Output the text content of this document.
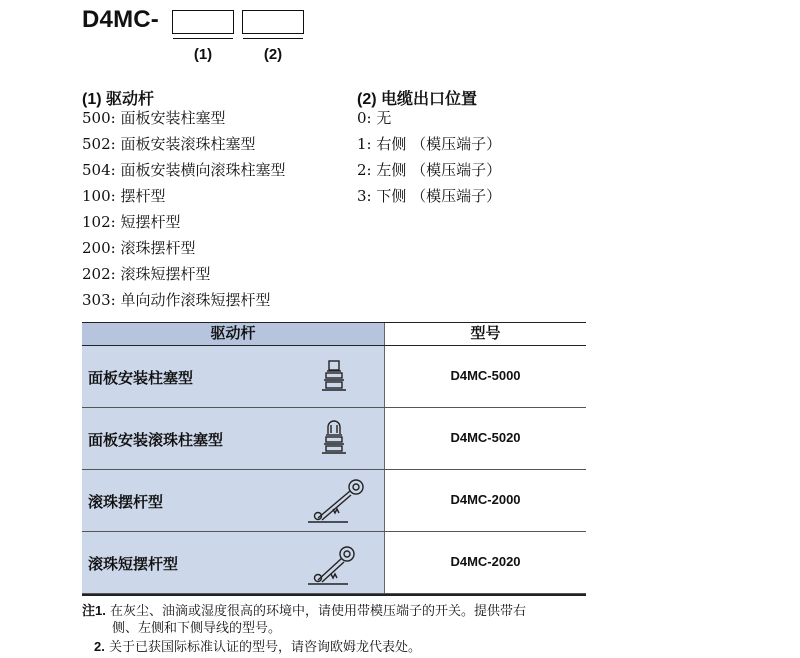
D4MC-
(1)	(2)
(1) 驱动杆	(2) 电缆出口位置
500: 面板安装柱塞型
502: 面板安装滚珠柱塞型
504: 面板安装横向滚珠柱塞型
100: 摆杆型
102: 短摆杆型
200: 滚珠摆杆型
202: 滚珠短摆杆型
303: 单向动作滚珠短摆杆型
0: 无
1: 右侧 （模压端子）
2: 左侧 （模压端子）
3: 下侧 （模压端子）
驱动杆	型号
面板安装柱塞型	D4MC-5000
面板安装滚珠柱塞型	D4MC-5020
滚珠摆杆型	D4MC-2000
滚珠短摆杆型	D4MC-2020
注1. 在灰尘、油滴或湿度很高的环境中，请使用带模压端子的开关。提供带右
侧、左侧和下侧导线的型号。
2. 关于已获国际标准认证的型号，请咨询欧姆龙代表处。
